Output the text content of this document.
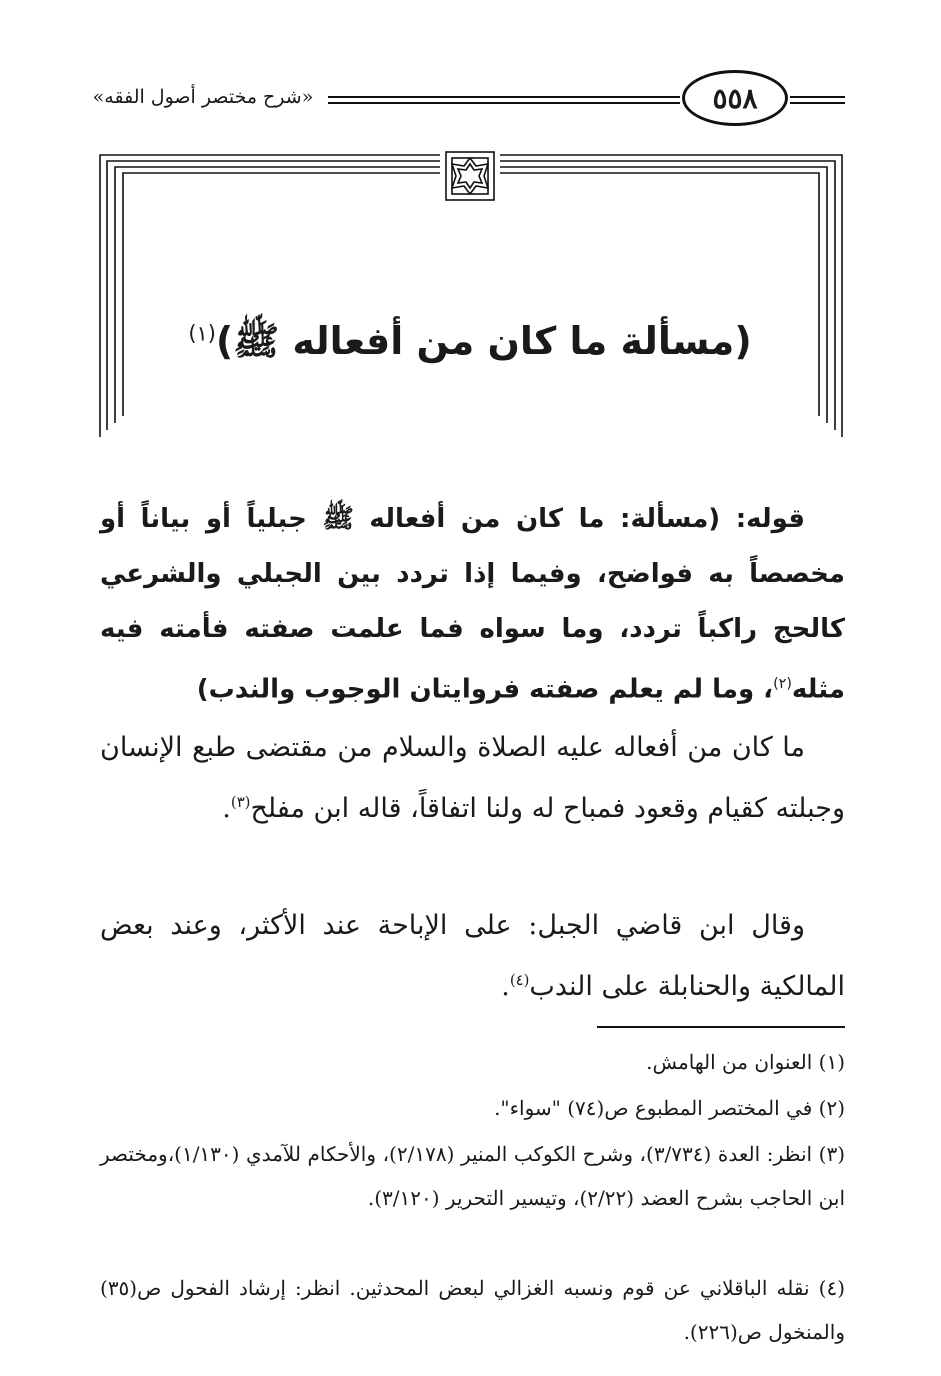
«شرح مختصر أصول الفقه»	٥٥٨
(مسألة ما كان من أفعاله ﷺ)$^{(١)}$
قوله: (مسألة: ما كان من أفعاله ﷺ جبلياً أو بياناً أو مخصصاً به فواضح، وفيما إذا تردد بين الجبلي والشرعي كالحج راكباً تردد، وما سواه فما علمت صفته فأمته فيه مثله$^{(٢)}$، وما لم يعلم صفته فروايتان الوجوب والندب)
ما كان من أفعاله عليه الصلاة والسلام من مقتضى طبع الإنسان وجبلته كقيام وقعود فمباح له ولنا اتفاقاً، قاله ابن مفلح$^{(٣)}$.
وقال ابن قاضي الجبل: على الإباحة عند الأكثر، وعند بعض المالكية والحنابلة على الندب$^{(٤)}$.
(١) العنوان من الهامش.
(٢) في المختصر المطبوع ص(٧٤) "سواء".
(٣) انظر: العدة (٣/٧٣٤)، وشرح الكوكب المنير (٢/١٧٨)، والأحكام للآمدي (١/١٣٠)،ومختصر ابن الحاجب بشرح العضد (٢/٢٢)، وتيسير التحرير (٣/١٢٠).
(٤) نقله الباقلاني عن قوم ونسبه الغزالي لبعض المحدثين. انظر: إرشاد الفحول ص(٣٥) والمنخول ص(٢٢٦).
